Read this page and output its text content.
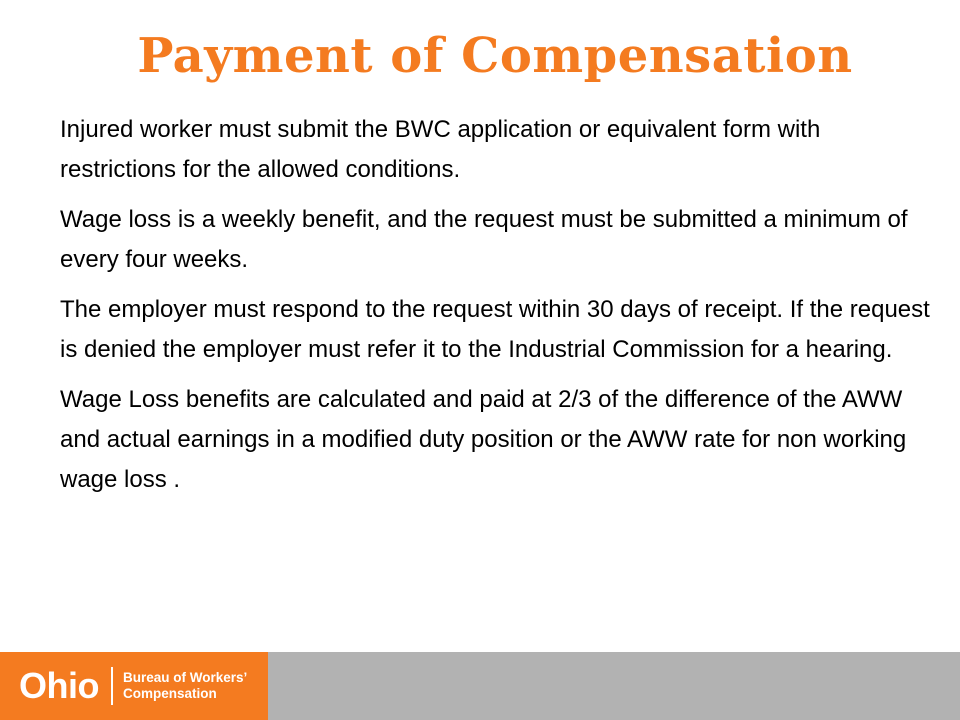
Payment of Compensation

Injured worker must submit the BWC application or equivalent form with restrictions for the allowed conditions.

Wage loss is a weekly benefit, and the request must be submitted a minimum of every four weeks.

The employer must respond to the request within 30 days of receipt. If the request is denied the employer must refer it to the Industrial Commission for a hearing.

Wage Loss benefits are calculated and paid at 2/3 of the difference of the AWW and actual earnings in a modified duty position or the AWW rate for non working wage loss .

Ohio Bureau of Workers’
Compensation
